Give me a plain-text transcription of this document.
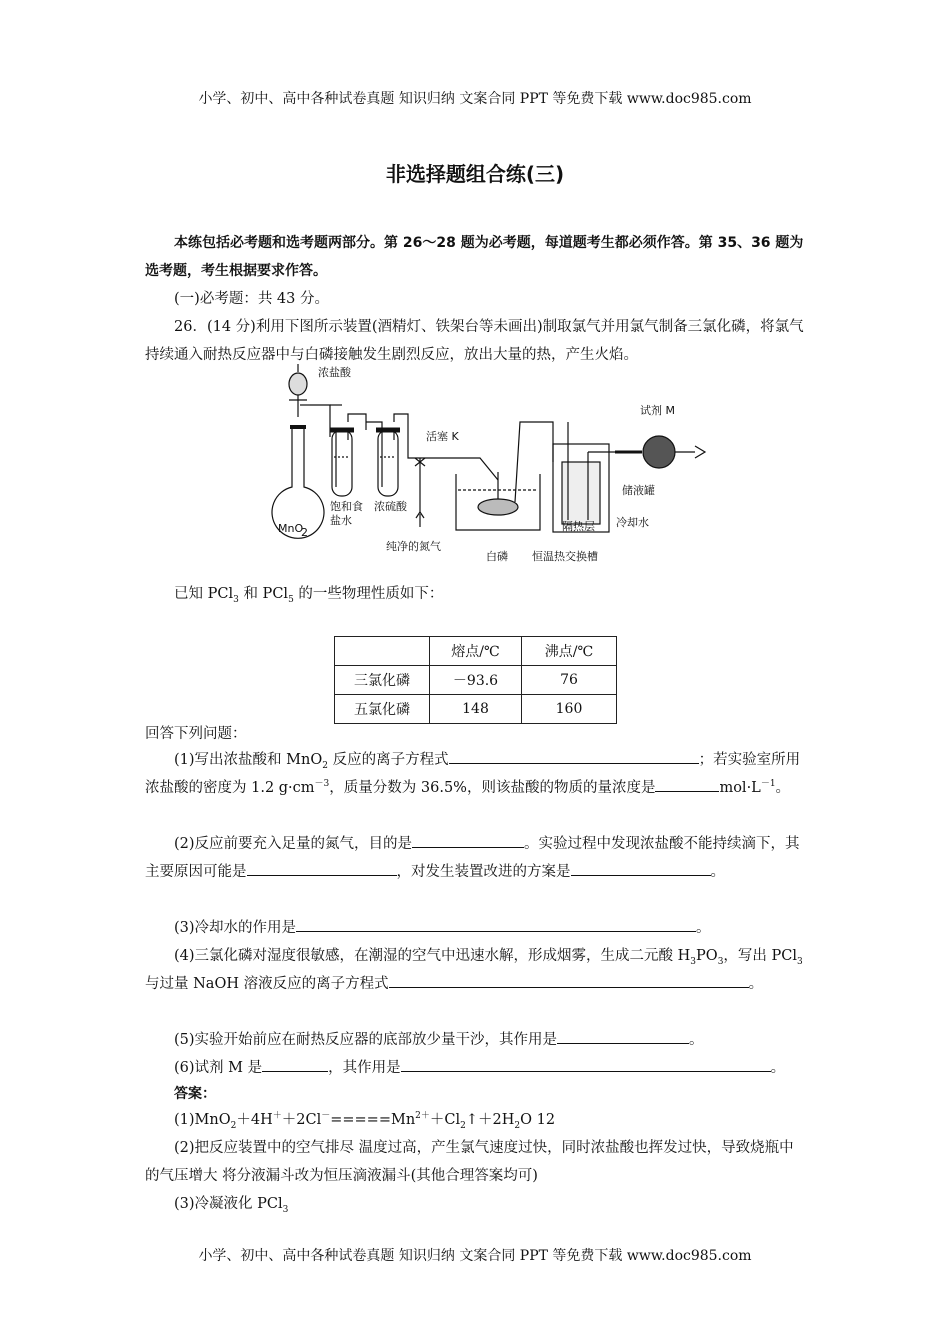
小学、初中、高中各种试卷真题 知识归纳 文案合同 PPT 等免费下载 www.doc985.com
非选择题组合练(三)
本练包括必考题和选考题两部分。第 26～28 题为必考题，每道题考生都必须作答。第 35、36 题为选考题，考生根据要求作答。
(一)必考题：共 43 分。
26．(14 分)利用下图所示装置(酒精灯、铁架台等未画出)制取氯气并用氯气制备三氯化磷，将氯气持续通入耐热反应器中与白磷接触发生剧烈反应，放出大量的热，产生火焰。
浓盐酸
MnO
2
饱和食
盐水
浓硫酸
活塞 K
纯净的氮气
白磷 恒温热交换槽
试剂 M
储液罐
隔热层 冷却水
已知 PCl$_3$ 和 PCl$_5$ 的一些物理性质如下：
	熔点/℃	沸点/℃
三氯化磷	－93.6	76
五氯化磷	148	160
回答下列问题：
(1)写出浓盐酸和 MnO$_2$ 反应的离子方程式	；若实验室所用浓盐酸的密度为 1.2 $g\cdot cm^{-3}$，质量分数为 36.5%，则该盐酸的物质的量浓度是	$mol\cdot L^{-1}$。
(2)反应前要充入足量的氮气，目的是	。实验过程中发现浓盐酸不能持续滴下，其主要原因可能是	，对发生装置改进的方案是	。
(3)冷却水的作用是	。
(4)三氯化磷对湿度很敏感，在潮湿的空气中迅速水解，形成烟雾，生成二元酸 $H_3PO_3$，写出 PCl$_3$ 与过量 NaOH 溶液反应的离子方程式	。
(5)实验开始前应在耐热反应器的底部放少量干沙，其作用是	。
(6)试剂 M 是	，其作用是	。
答案：
$(1)MnO_2+4H^++2Cl^-=====Mn^{2+}+Cl_2↑+2H_2O$ 12
(2)把反应装置中的空气排尽 温度过高，产生氯气速度过快，同时浓盐酸也挥发过快，导致烧瓶中的气压增大 将分液漏斗改为恒压滴液漏斗(其他合理答案均可)
(3)冷凝液化 PCl$_3$
小学、初中、高中各种试卷真题 知识归纳 文案合同 PPT 等免费下载 www.doc985.com
